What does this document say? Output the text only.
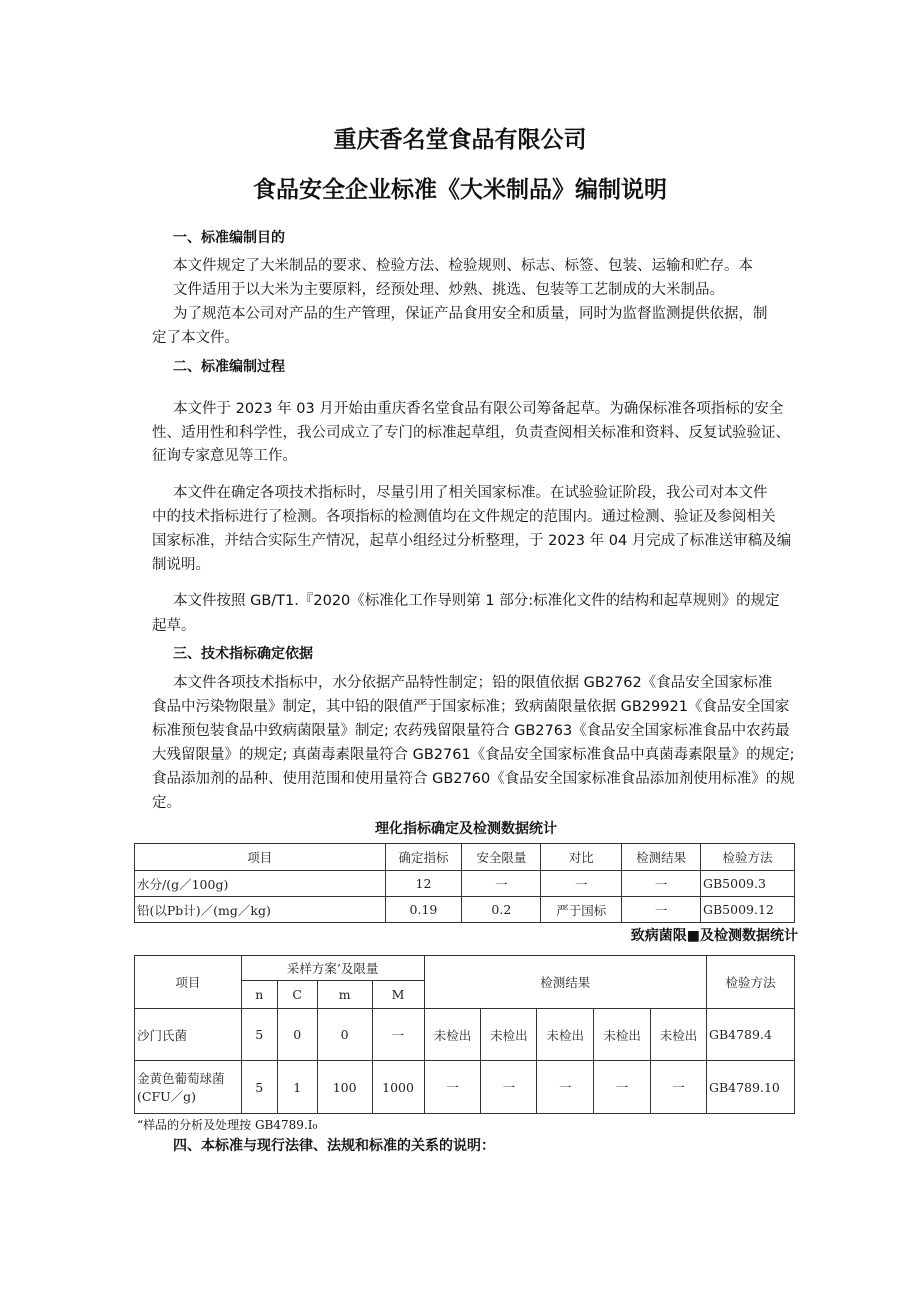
重庆香名堂食品有限公司
食品安全企业标准《大米制品》编制说明
一、标准编制目的
本文件规定了大米制品的要求、检验方法、检验规则、标志、标签、包装、运输和贮存。本
文件适用于以大米为主要原料，经预处理、炒熟、挑选、包装等工艺制成的大米制品。
为了规范本公司对产品的生产管理，保证产品食用安全和质量，同时为监督监测提供依据，制
定了本文件。
二、标准编制过程
本文件于 2023 年 03 月开始由重庆香名堂食品有限公司筹备起草。为确保标准各项指标的安全
性、适用性和科学性，我公司成立了专门的标准起草组，负责查阅相关标准和资料、反复试验验证、
征询专家意见等工作。
本文件在确定各项技术指标时，尽量引用了相关国家标准。在试验验证阶段，我公司对本文件
中的技术指标进行了检测。各项指标的检测值均在文件规定的范围内。通过检测、验证及参阅相关
国家标准，并结合实际生产情况，起草小组经过分析整理，于 2023 年 04 月完成了标准送审稿及编
制说明。
本文件按照 GB/T1.『2020《标准化工作导则第 1 部分:标准化文件的结构和起草规则》的规定
起草。
三、技术指标确定依据
本文件各项技术指标中，水分依据产品特性制定；铅的限值依据 GB2762《食品安全国家标准
食品中污染物限量》制定，其中铅的限值严于国家标准；致病菌限量依据 GB29921《食品安全国家
标准预包装食品中致病菌限量》制定; 农药残留限量符合 GB2763《食品安全国家标准食品中农药最
大残留限量》的规定; 真菌毒素限量符合 GB2761《食品安全国家标准食品中真菌毒素限量》的规定;
食品添加剂的品种、使用范围和使用量符合 GB2760《食品安全国家标准食品添加剂使用标准》的规
定。
理化指标确定及检测数据统计
项目	确定指标	安全限量	对比	检测结果	检验方法
水分/(g／100g)	12	一	一	一	GB5009.3
铅(以Pb计)／(mg／kg)	0.19	0.2	严于国标	一	GB5009.12
致病菌限■及检测数据统计
项目	采样方案’及限量				检测结果					检验方法
	n	C	m	M						
沙门氏菌	5	0	0	一	未检出	未检出	未检出	未检出	未检出	GB4789.4
金黄色葡萄球菌
(CFU／g)	5	1	100	1000	一	一	一	一	一	GB4789.10
“样品的分析及处理按 GB4789.I₀
四、本标准与现行法律、法规和标准的关系的说明：
